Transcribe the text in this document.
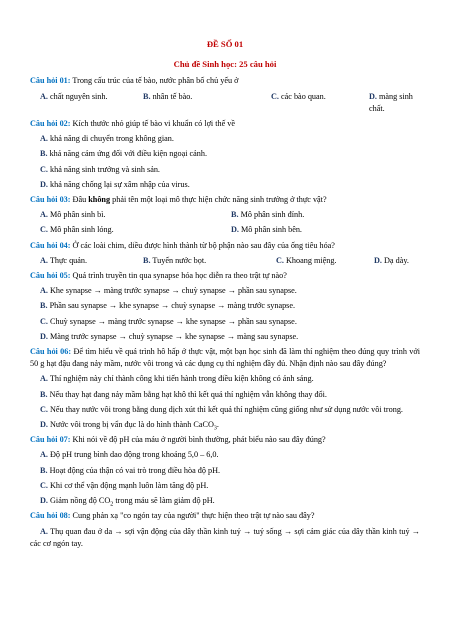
ĐỀ SỐ 01
Chủ đề Sinh học: 25 câu hỏi
Câu hỏi 01: Trong cấu trúc của tế bào, nước phân bố chủ yếu ở
A. chất nguyên sinh.	B. nhân tế bào.	C. các bào quan.	D. màng sinh chất.
Câu hỏi 02: Kích thước nhỏ giúp tế bào vi khuẩn có lợi thế về
A. khả năng di chuyển trong không gian.
B. khả năng cảm ứng đối với điều kiện ngoại cảnh.
C. khả năng sinh trưởng và sinh sản.
D. khả năng chống lại sự xâm nhập của virus.
Câu hỏi 03: Đâu không phải tên một loại mô thực hiện chức năng sinh trưởng ở thực vật?
A. Mô phân sinh bì.	B. Mô phân sinh đỉnh.
C. Mô phân sinh lóng.	D. Mô phân sinh bên.
Câu hỏi 04: Ở các loài chim, diều được hình thành từ bộ phận nào sau đây của ống tiêu hóa?
A. Thực quản.	B. Tuyến nước bọt.	C. Khoang miệng.	D. Dạ dày.
Câu hỏi 05: Quá trình truyền tin qua synapse hóa học diễn ra theo trật tự nào?
A. Khe synapse → màng trước synapse → chuỳ synapse → phần sau synapse.
B. Phần sau synapse → khe synapse → chuỳ synapse → màng trước synapse.
C. Chuỳ synapse → màng trước synapse → khe synapse → phần sau synapse.
D. Màng trước synapse → chuỳ synapse → khe synapse → màng sau synapse.
Câu hỏi 06: Để tìm hiểu về quá trình hô hấp ở thực vật, một bạn học sinh đã làm thí nghiệm theo đúng quy trình với 50 g hạt đậu đang nảy mầm, nước vôi trong và các dụng cụ thí nghiệm đầy đủ. Nhận định nào sau đây đúng?
A. Thí nghiệm này chỉ thành công khi tiến hành trong điều kiện không có ánh sáng.
B. Nếu thay hạt đang nảy mầm bằng hạt khô thì kết quả thí nghiệm vẫn không thay đổi.
C. Nếu thay nước vôi trong bằng dung dịch xút thì kết quả thí nghiệm cũng giống như sử dụng nước vôi trong.
D. Nước vôi trong bị vẩn đục là do hình thành CaCO$_3$.
Câu hỏi 07: Khi nói về độ pH của máu ở người bình thường, phát biểu nào sau đây đúng?
A. Độ pH trung bình dao động trong khoảng 5,0 – 6,0.
B. Hoạt động của thận có vai trò trong điều hòa độ pH.
C. Khi cơ thể vận động mạnh luôn làm tăng độ pH.
D. Giảm nồng độ $CO_2$ trong máu sẽ làm giảm độ pH.
Câu hỏi 08: Cung phản xạ "co ngón tay của người" thực hiện theo trật tự nào sau đây?
A. Thụ quan đau ở da → sợi vận động của dây thần kinh tuỷ → tuỷ sống → sợi cảm giác của dây thần kinh tuỷ → các cơ ngón tay.
